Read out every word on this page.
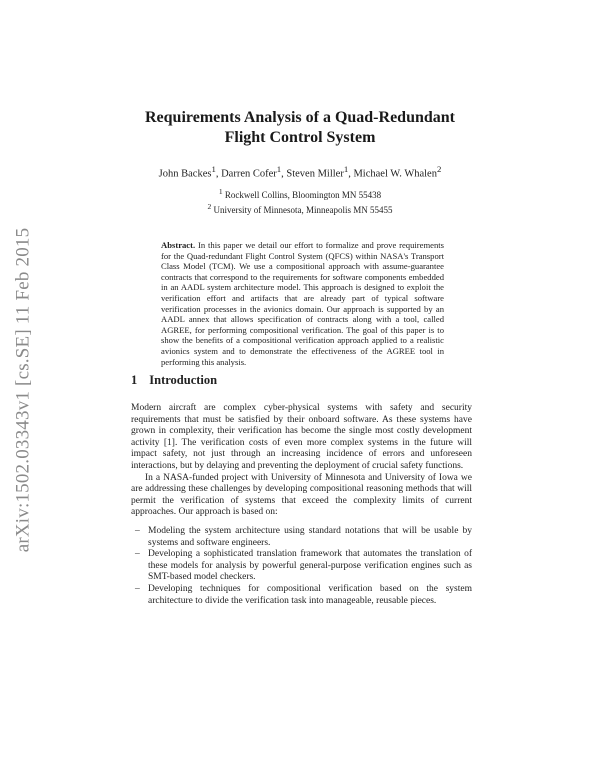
arXiv:1502.03343v1 [cs.SE] 11 Feb 2015
Requirements Analysis of a Quad-Redundant
Flight Control System
John Backes$^1$, Darren Cofer$^1$, Steven Miller$^1$, Michael W. Whalen$^2$
$^1$ Rockwell Collins, Bloomington MN 55438
$^2$ University of Minnesota, Minneapolis MN 55455
Abstract. In this paper we detail our effort to formalize and prove requirements for the Quad-redundant Flight Control System (QFCS) within NASA's Transport Class Model (TCM). We use a compositional approach with assume-guarantee contracts that correspond to the requirements for software components embedded in an AADL system architecture model. This approach is designed to exploit the verification effort and artifacts that are already part of typical software verification processes in the avionics domain. Our approach is supported by an AADL annex that allows specification of contracts along with a tool, called AGREE, for performing compositional verification. The goal of this paper is to show the benefits of a compositional verification approach applied to a realistic avionics system and to demonstrate the effectiveness of the AGREE tool in performing this analysis.
1 Introduction

Modern aircraft are complex cyber-physical systems with safety and security requirements that must be satisfied by their onboard software. As these systems have grown in complexity, their verification has become the single most costly development activity [1]. The verification costs of even more complex systems in the future will impact safety, not just through an increasing incidence of errors and unforeseen interactions, but by delaying and preventing the deployment of crucial safety functions.

In a NASA-funded project with University of Minnesota and University of Iowa we are addressing these challenges by developing compositional reasoning methods that will permit the verification of systems that exceed the complexity limits of current approaches. Our approach is based on:

– Modeling the system architecture using standard notations that will be usable by systems and software engineers.
– Developing a sophisticated translation framework that automates the translation of these models for analysis by powerful general-purpose verification engines such as SMT-based model checkers.
– Developing techniques for compositional verification based on the system architecture to divide the verification task into manageable, reusable pieces.
